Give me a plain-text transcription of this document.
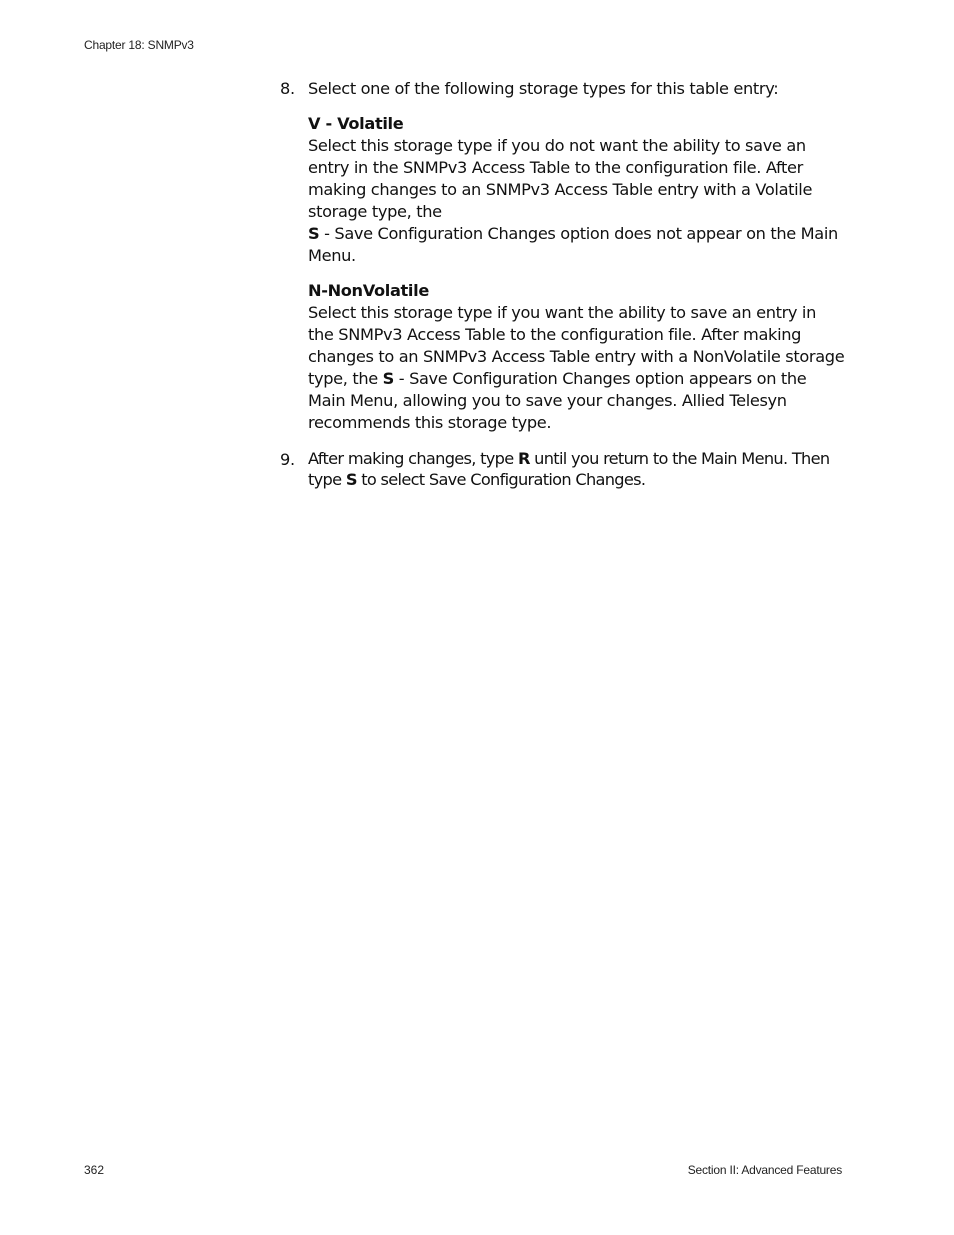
Chapter 18: SNMPv3
8. Select one of the following storage types for this table entry:

V - Volatile

Select this storage type if you do not want the ability to save an entry in the SNMPv3 Access Table to the configuration file. After making changes to an SNMPv3 Access Table entry with a Volatile storage type, the
S - Save Configuration Changes option does not appear on the Main Menu.

N-NonVolatile

Select this storage type if you want the ability to save an entry in the SNMPv3 Access Table to the configuration file. After making changes to an SNMPv3 Access Table entry with a NonVolatile storage type, the S - Save Configuration Changes option appears on the Main Menu, allowing you to save your changes. Allied Telesyn recommends this storage type.

9. After making changes, type R until you return to the Main Menu. Then type S to select Save Configuration Changes.

362	Section II: Advanced Features
